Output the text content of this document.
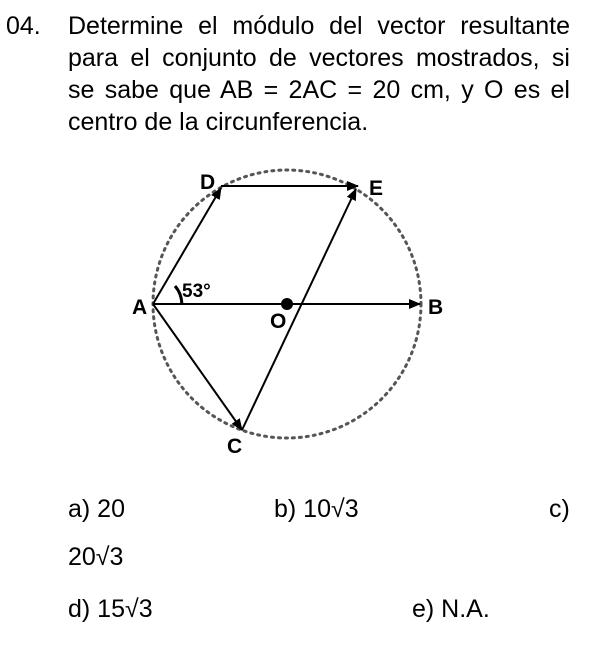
04. Determine el módulo del vector resultante para el conjunto de vectores mostrados, si se sabe que AB = 2AC = 20 cm, y O es el centro de la circunferencia.
A	B
C
D	E
O
53°
a) 20	b) 10√3	c)
20√3
d) 15√3	e) N.A.
